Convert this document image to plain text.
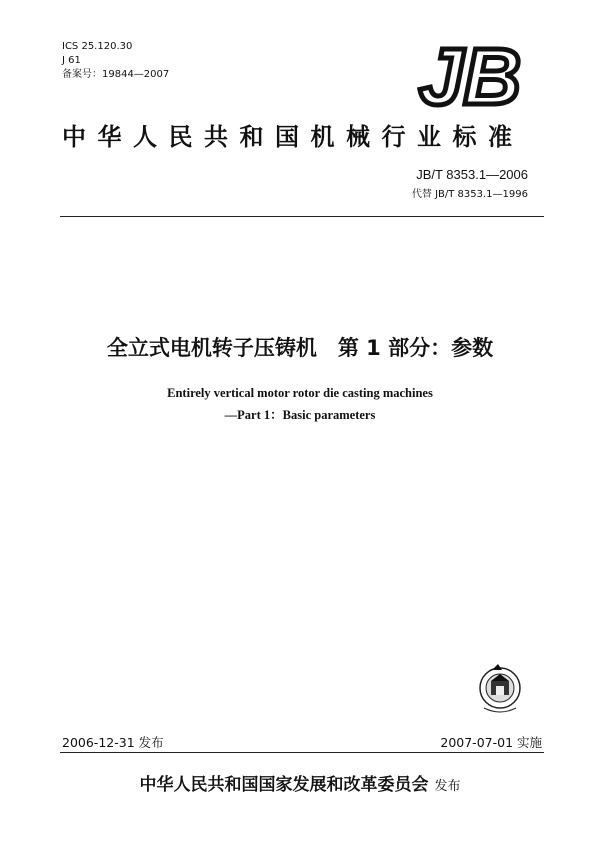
ICS 25.120.30
J 61
备案号：19844—2007	JB
中华人民共和国机械行业标准
JB/T 8353.1—2006
代替 JB/T 8353.1—1996
全立式电机转子压铸机　第 1 部分：参数
Entirely vertical motor rotor die casting machines
—Part 1：Basic parameters
2006-12-31 发布	2007-07-01 实施
中华人民共和国国家发展和改革委员会 发布
